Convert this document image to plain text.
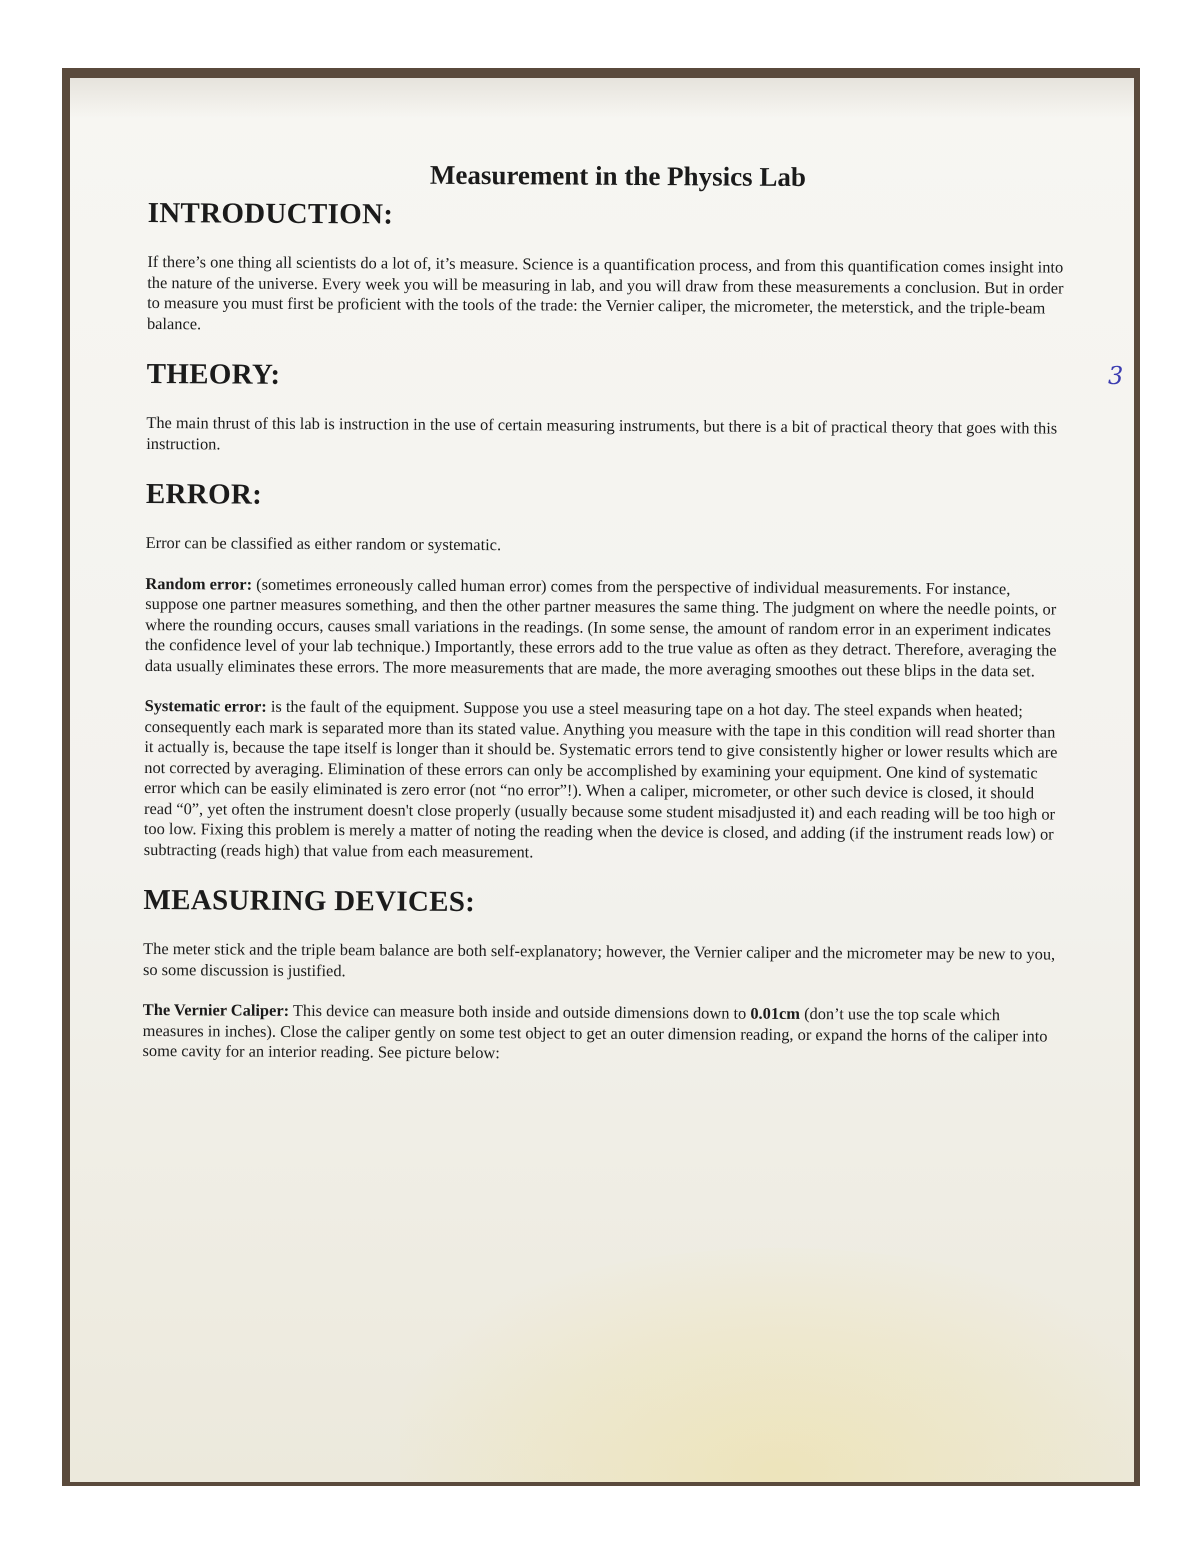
Measurement in the Physics Lab
INTRODUCTION:

If there’s one thing all scientists do a lot of, it’s measure. Science is a quantification process, and from this quantification comes insight into the nature of the universe. Every week you will be measuring in lab, and you will draw from these measurements a conclusion. But in order to measure you must first be proficient with the tools of the trade: the Vernier caliper, the micrometer, the meterstick, and the triple-beam balance.

THEORY:

The main thrust of this lab is instruction in the use of certain measuring instruments, but there is a bit of practical theory that goes with this instruction.

ERROR:

Error can be classified as either random or systematic.

Random error: (sometimes erroneously called human error) comes from the perspective of individual measurements. For instance, suppose one partner measures something, and then the other partner measures the same thing. The judgment on where the needle points, or where the rounding occurs, causes small variations in the readings. (In some sense, the amount of random error in an experiment indicates the confidence level of your lab technique.) Importantly, these errors add to the true value as often as they detract. Therefore, averaging the data usually eliminates these errors. The more measurements that are made, the more averaging smoothes out these blips in the data set.

Systematic error: is the fault of the equipment. Suppose you use a steel measuring tape on a hot day. The steel expands when heated; consequently each mark is separated more than its stated value. Anything you measure with the tape in this condition will read shorter than it actually is, because the tape itself is longer than it should be. Systematic errors tend to give consistently higher or lower results which are not corrected by averaging. Elimination of these errors can only be accomplished by examining your equipment. One kind of systematic error which can be easily eliminated is zero error (not “no error”!). When a caliper, micrometer, or other such device is closed, it should read “0”, yet often the instrument doesn't close properly (usually because some student misadjusted it) and each reading will be too high or too low. Fixing this problem is merely a matter of noting the reading when the device is closed, and adding (if the instrument reads low) or subtracting (reads high) that value from each measurement.

MEASURING DEVICES:

The meter stick and the triple beam balance are both self-explanatory; however, the Vernier caliper and the micrometer may be new to you, so some discussion is justified.

The Vernier Caliper: This device can measure both inside and outside dimensions down to 0.01cm (don’t use the top scale which measures in inches). Close the caliper gently on some test object to get an outer dimension reading, or expand the horns of the caliper into some cavity for an interior reading. See picture below:

3
